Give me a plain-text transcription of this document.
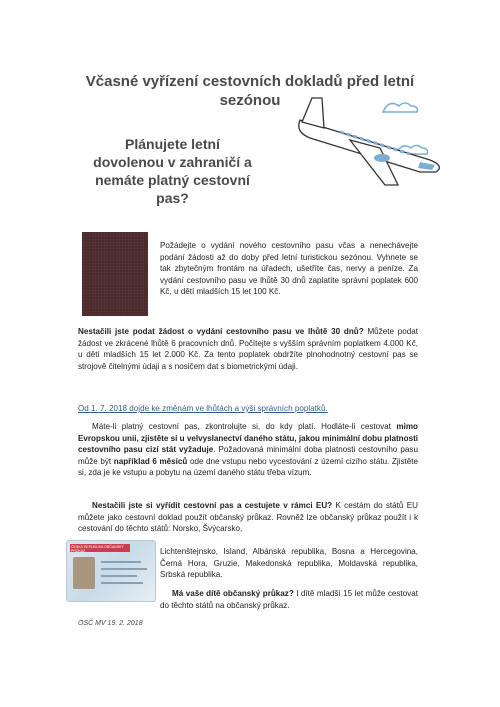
Včasné vyřízení cestovních dokladů před letní sezónou
Plánujete letní dovolenou v zahraničí a nemáte platný cestovní pas?
Požádejte o vydání nového cestovního pasu včas a nenechávejte podání žádosti až do doby před letní turistickou sezónou. Vyhnete se tak zbytečným frontám na úřadech, ušetříte čas, nervy a peníze. Za vydání cestovního pasu ve lhůtě 30 dnů zaplatíte správní poplatek 600 Kč, u dětí mladších 15 let 100 Kč.
Nestačili jste podat žádost o vydání cestovního pasu ve lhůtě 30 dnů? Můžete podat žádost ve zkrácené lhůtě 6 pracovních dnů. Počítejte s vyšším správním poplatkem 4.000 Kč, u dětí mladších 15 let 2.000 Kč. Za tento poplatek obdržíte plnohodnotný cestovní pas se strojově čitelnými údaji a s nosičem dat s biometrickými údaji.
Od 1. 7. 2018 dojde ke změnám ve lhůtách a výši správních poplatků.
Máte-li platný cestovní pas, zkontrolujte si, do kdy platí. Hodláte-li cestovat mimo Evropskou unii, zjistěte si u velvyslanectví daného státu, jakou minimální dobu platnosti cestovního pasu cizí stát vyžaduje. Požadovaná minimální doba platnosti cestovního pasu může být například 6 měsíců ode dne vstupu nebo vycestování z území cizího státu. Zjistěte si, zda je ke vstupu a pobytu na území daného státu třeba vízum.
Nestačili jste si vyřídit cestovní pas a cestujete v rámci EU? K cestám do států EU můžete jako cestovní doklad použít občanský průkaz. Rovněž lze občanský průkaz použít i k cestování do těchto států: Norsko, Švýcarsko,
Lichtenštejnsko, Island, Albánská republika, Bosna a Hercegovina, Černá Hora, Gruzie, Makedonská republika, Moldavská republika, Srbská republika.
ČESKÁ REPUBLIKA OBČANSKÝ PRŮKAZ
Má vaše dítě občanský průkaz? I dítě mladší 15 let může cestovat do těchto států na občanský průkaz.
OSČ MV 19. 2. 2018
